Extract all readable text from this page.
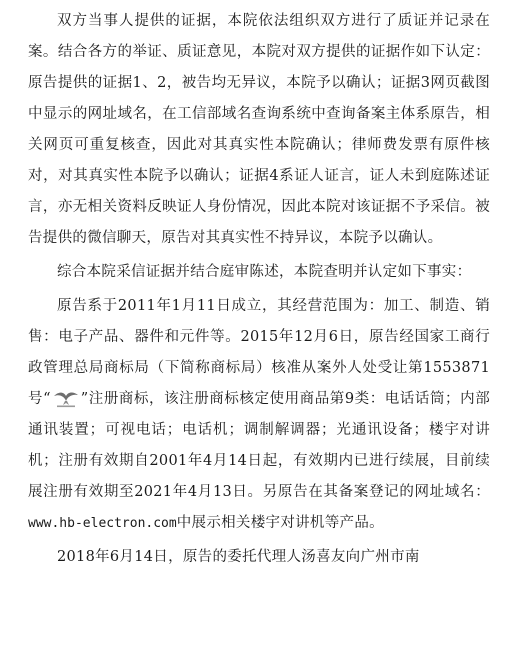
双方当事人提供的证据，本院依法组织双方进行了质证并记录在案。结合各方的举证、质证意见，本院对双方提供的证据作如下认定：原告提供的证据1、2，被告均无异议，本院予以确认；证据3网页截图中显示的网址域名，在工信部域名查询系统中查询备案主体系原告，相关网页可重复核查，因此对其真实性本院确认；律师费发票有原件核对，对其真实性本院予以确认；证据4系证人证言，证人未到庭陈述证言，亦无相关资料反映证人身份情况，因此本院对该证据不予采信。被告提供的微信聊天，原告对其真实性不持异议，本院予以确认。

综合本院采信证据并结合庭审陈述，本院查明并认定如下事实：

原告系于2011年1月11日成立，其经营范围为：加工、制造、销售：电子产品、器件和元件等。2015年12月6日，原告经国家工商行政管理总局商标局（下简称商标局）核准从案外人处受让第1553871号“ ”注册商标，该注册商标核定使用商品第9类：电话话筒；内部通讯装置；可视电话；电话机；调制解调器；光通讯设备；楼宇对讲机；注册有效期自2001年4月14日起，有效期内已进行续展，目前续展注册有效期至2021年4月13日。另原告在其备案登记的网址域名：www.hb-electron.com中展示相关楼宇对讲机等产品。

2018年6月14日，原告的委托代理人汤喜友向广州市南
